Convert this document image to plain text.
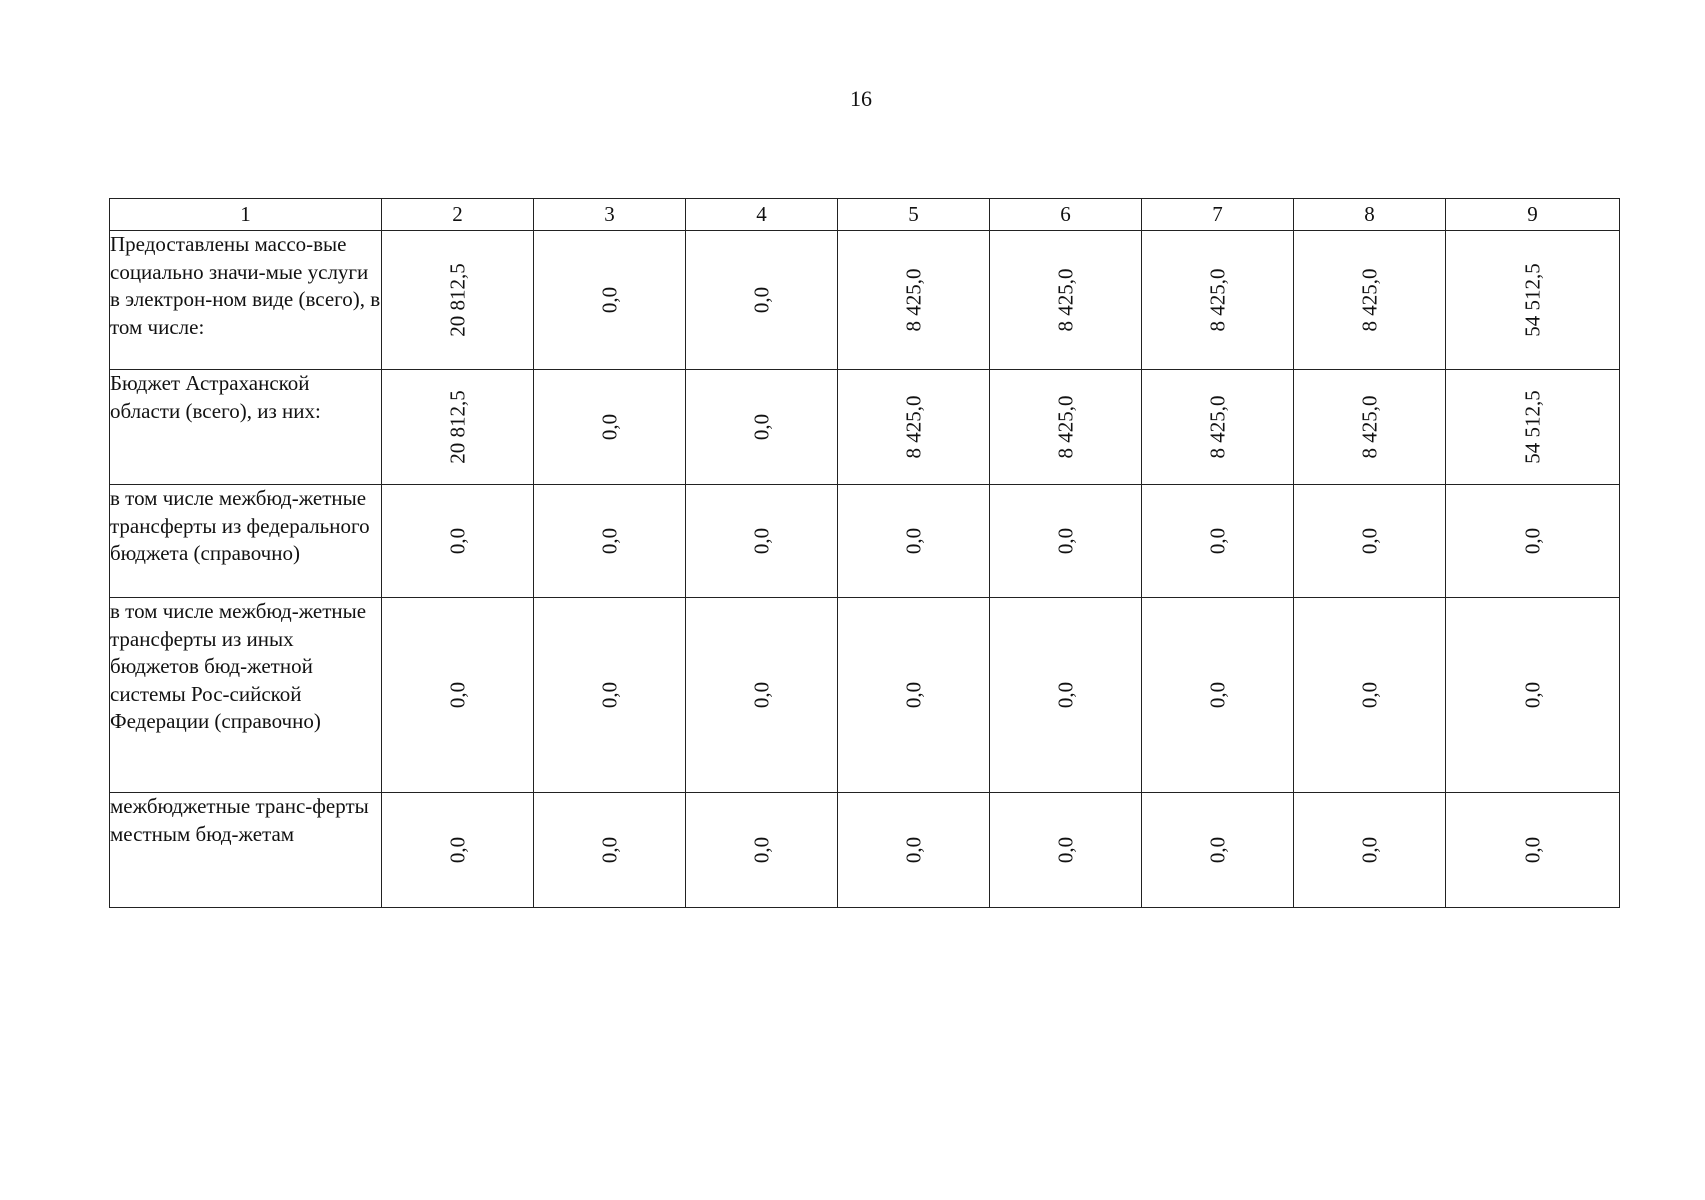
16
1	2	3	4	5	6	7	8	9
Предоставлены массо-вые социально значи-мые услуги в электрон-ном виде (всего), в том числе:	20 812,5	0,0	0,0	8 425,0	8 425,0	8 425,0	8 425,0	54 512,5

Бюджет Астраханской области (всего), из них:	20 812,5	0,0	0,0	8 425,0	8 425,0	8 425,0	8 425,0	54 512,5

в том числе межбюд-жетные трансферты из федерального бюджета (справочно)	0,0	0,0	0,0	0,0	0,0	0,0	0,0	0,0

в том числе межбюд-жетные трансферты из иных бюджетов бюд-жетной системы Рос-сийской Федерации (справочно)	0,0	0,0	0,0	0,0	0,0	0,0	0,0	0,0

межбюджетные транс-ферты местным бюд-жетам	0,0	0,0	0,0	0,0	0,0	0,0	0,0	0,0
